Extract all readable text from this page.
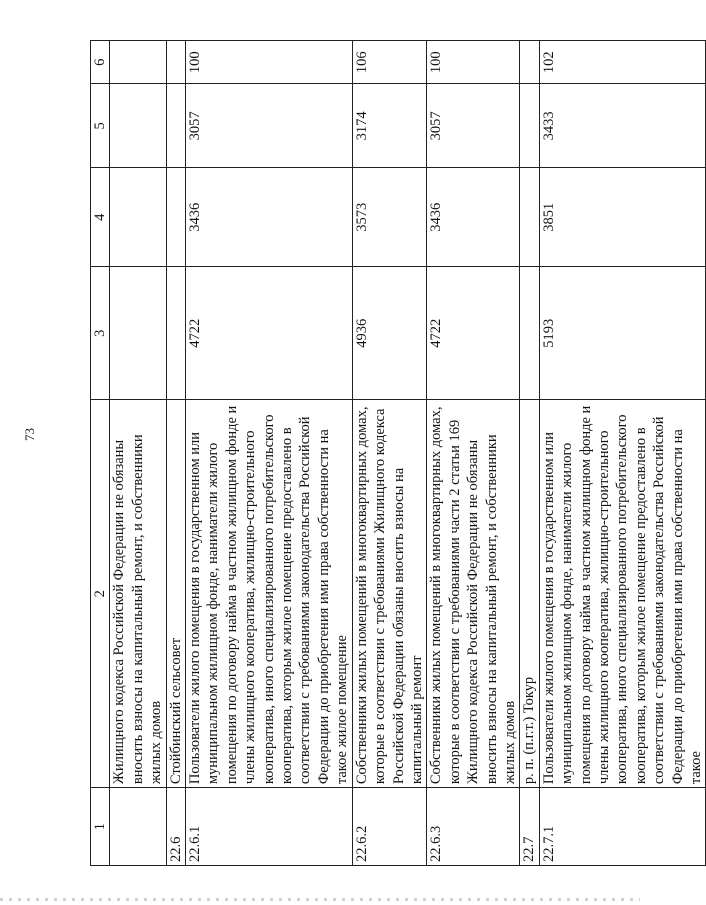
73
1	2	3	4	5	6
	Жилищного кодекса Российской Федерации не обязаны вносить взносы на капитальный ремонт, и собственники жилых домов				
22.6	Стойбинский сельсовет				
22.6.1	Пользователи жилого помещения в государственном или муниципальном жилищном фонде, наниматели жилого помещения по договору найма в частном жилищном фонде и члены жилищного кооператива, жилищно-строительного кооператива, иного специализированного потребительского кооператива, которым жилое помещение предоставлено в соответствии с требованиями законодательства Российской Федерации до приобретения ими права собственности на такое жилое помещение	4722	3436	3057	100
22.6.2	Собственники жилых помещений в многоквартирных домах, которые в соответствии с требованиями Жилищного кодекса Российской Федерации обязаны вносить взносы на капитальный ремонт	4936	3573	3174	106
22.6.3	Собственники жилых помещений в многоквартирных домах, которые в соответствии с требованиями части 2 статьи 169 Жилищного кодекса Российской Федерации не обязаны вносить взносы на капитальный ремонт, и собственники жилых домов	4722	3436	3057	100
22.7	р. п. (п.г.т.) Токур				
22.7.1	Пользователи жилого помещения в государственном или муниципальном жилищном фонде, наниматели жилого помещения по договору найма в частном жилищном фонде и члены жилищного кооператива, жилищно-строительного кооператива, иного специализированного потребительского кооператива, которым жилое помещение предоставлено в соответствии с требованиями законодательства Российской Федерации до приобретения ими права собственности на такое	5193	3851	3433	102
